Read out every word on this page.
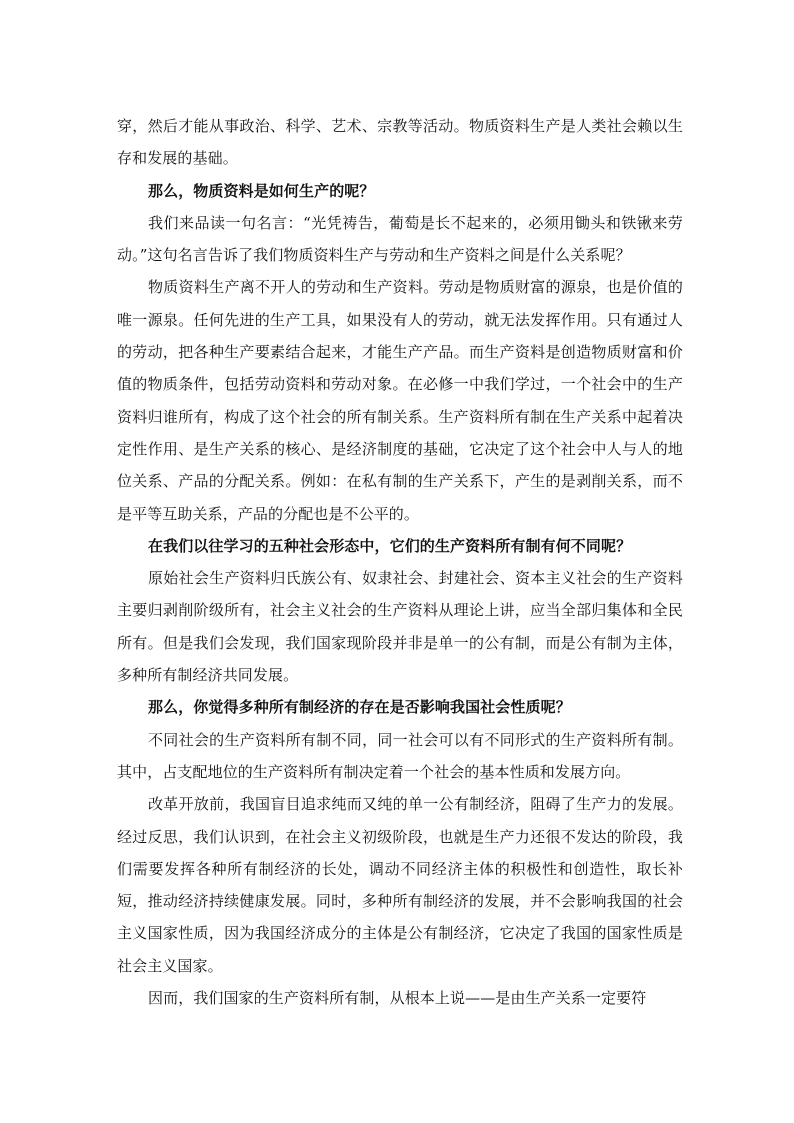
穿，然后才能从事政治、科学、艺术、宗教等活动。物质资料生产是人类社会赖以生存和发展的基础。

那么，物质资料是如何生产的呢？

我们来品读一句名言：“光凭祷告，葡萄是长不起来的，必须用锄头和铁锹来劳动。”这句名言告诉了我们物质资料生产与劳动和生产资料之间是什么关系呢？

物质资料生产离不开人的劳动和生产资料。劳动是物质财富的源泉，也是价值的唯一源泉。任何先进的生产工具，如果没有人的劳动，就无法发挥作用。只有通过人的劳动，把各种生产要素结合起来，才能生产产品。而生产资料是创造物质财富和价值的物质条件，包括劳动资料和劳动对象。在必修一中我们学过，一个社会中的生产资料归谁所有，构成了这个社会的所有制关系。生产资料所有制在生产关系中起着决定性作用、是生产关系的核心、是经济制度的基础，它决定了这个社会中人与人的地位关系、产品的分配关系。例如：在私有制的生产关系下，产生的是剥削关系，而不是平等互助关系，产品的分配也是不公平的。

在我们以往学习的五种社会形态中，它们的生产资料所有制有何不同呢？

原始社会生产资料归氏族公有、奴隶社会、封建社会、资本主义社会的生产资料主要归剥削阶级所有，社会主义社会的生产资料从理论上讲，应当全部归集体和全民所有。但是我们会发现，我们国家现阶段并非是单一的公有制，而是公有制为主体，多种所有制经济共同发展。

那么，你觉得多种所有制经济的存在是否影响我国社会性质呢？

不同社会的生产资料所有制不同，同一社会可以有不同形式的生产资料所有制。其中，占支配地位的生产资料所有制决定着一个社会的基本性质和发展方向。

改革开放前，我国盲目追求纯而又纯的单一公有制经济，阻碍了生产力的发展。经过反思，我们认识到，在社会主义初级阶段，也就是生产力还很不发达的阶段，我们需要发挥各种所有制经济的长处，调动不同经济主体的积极性和创造性，取长补短，推动经济持续健康发展。同时，多种所有制经济的发展，并不会影响我国的社会主义国家性质，因为我国经济成分的主体是公有制经济，它决定了我国的国家性质是社会主义国家。

因而，我们国家的生产资料所有制，从根本上说——是由生产关系一定要符
